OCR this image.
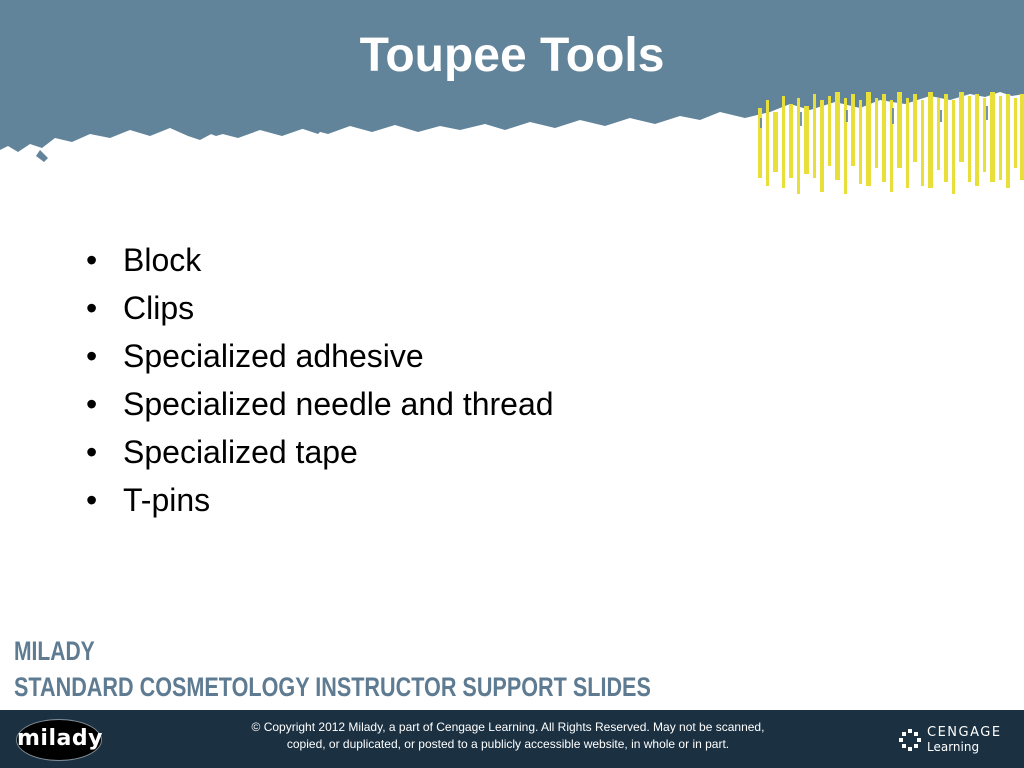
Toupee Tools
• Block
• Clips
• Specialized adhesive
• Specialized needle and thread
• Specialized tape
• T-pins
MILADY
STANDARD COSMETOLOGY INSTRUCTOR SUPPORT SLIDES
milady	© Copyright 2012 Milady, a part of Cengage Learning. All Rights Reserved. May not be scanned,
copied, or duplicated, or posted to a publicly accessible website, in whole or in part.
CENGAGE
Learning
